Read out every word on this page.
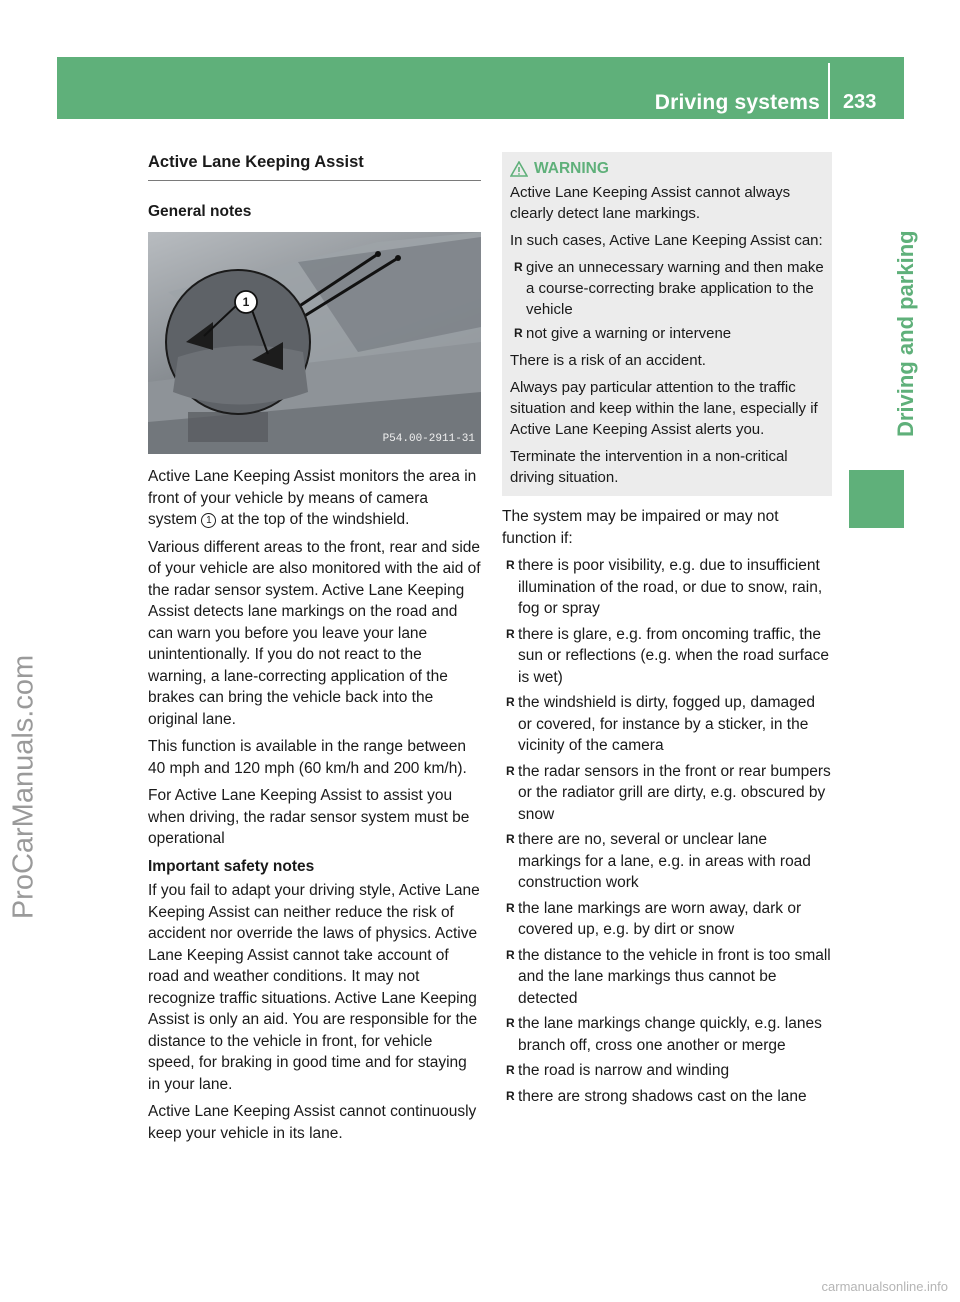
Driving systems 233
Driving and parking
ProCarManuals.com
carmanualsonline.info
Active Lane Keeping Assist
General notes
1
P54.00-2911-31

Active Lane Keeping Assist monitors the area in front of your vehicle by means of camera system 1 at the top of the windshield.

Various different areas to the front, rear and side of your vehicle are also monitored with the aid of the radar sensor system. Active Lane Keeping Assist detects lane markings on the road and can warn you before you leave your lane unintentionally. If you do not react to the warning, a lane-correcting application of the brakes can bring the vehicle back into the original lane.

This function is available in the range between 40 mph and 120 mph (60 km/h and 200 km/h).

For Active Lane Keeping Assist to assist you when driving, the radar sensor system must be operational

Important safety notes

If you fail to adapt your driving style, Active Lane Keeping Assist can neither reduce the risk of accident nor override the laws of physics. Active Lane Keeping Assist cannot take account of road and weather conditions. It may not recognize traffic situations. Active Lane Keeping Assist is only an aid. You are responsible for the distance to the vehicle in front, for vehicle speed, for braking in good time and for staying in your lane.

Active Lane Keeping Assist cannot continuously keep your vehicle in its lane.

WARNING

Active Lane Keeping Assist cannot always clearly detect lane markings.

In such cases, Active Lane Keeping Assist can:

R give an unnecessary warning and then make a course-correcting brake application to the vehicle
R not give a warning or intervene

There is a risk of an accident.

Always pay particular attention to the traffic situation and keep within the lane, especially if Active Lane Keeping Assist alerts you.

Terminate the intervention in a non-critical driving situation.

The system may be impaired or may not function if:

R there is poor visibility, e.g. due to insufficient illumination of the road, or due to snow, rain, fog or spray
R there is glare, e.g. from oncoming traffic, the sun or reflections (e.g. when the road surface is wet)
R the windshield is dirty, fogged up, damaged or covered, for instance by a sticker, in the vicinity of the camera
R the radar sensors in the front or rear bumpers or the radiator grill are dirty, e.g. obscured by snow
R there are no, several or unclear lane markings for a lane, e.g. in areas with road construction work
R the lane markings are worn away, dark or covered up, e.g. by dirt or snow
R the distance to the vehicle in front is too small and the lane markings thus cannot be detected
R the lane markings change quickly, e.g. lanes branch off, cross one another or merge
R the road is narrow and winding
R there are strong shadows cast on the lane
